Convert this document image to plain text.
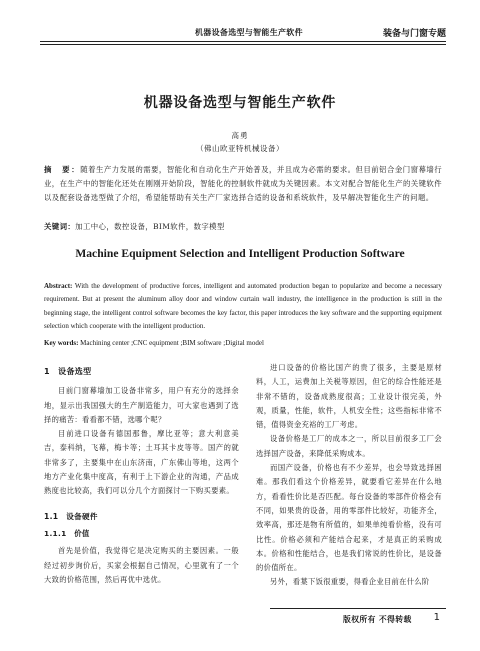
机器设备选型与智能生产软件	装备与门窗专题
机器设备选型与智能生产软件
高勇
（佛山欧亚特机械设备）
摘　要：随着生产力发展的需要，智能化和自动化生产开始普及，并且成为必需的要求。但目前铝合金门窗幕墙行业，在生产中的智能化还处在刚刚开始阶段，智能化的控制软件就成为关键因素。本文对配合智能化生产的关键软件以及配套设备选型做了介绍，希望能帮助有关生产厂家选择合适的设备和系统软件，及早解决智能化生产的问题。
关键词：加工中心，数控设备，BIM软件，数字模型
Machine Equipment Selection and Intelligent Production Software
Abstract: With the development of productive forces, intelligent and automated production began to popularize and become a necessary requirement. But at present the aluminum alloy door and window curtain wall industry, the intelligence in the production is still in the beginning stage, the intelligent control software becomes the key factor, this paper introduces the key software and the supporting equipment selection which cooperate with the intelligent production.
Key words: Machining center ;CNC equipment ;BIM software ;Digital model
1　设备选型

目前门窗幕墙加工设备非常多，用户有充分的选择余地，显示出我国强大的生产制造能力，可大家也遇到了选择的痛苦：看看都不错，选哪个呢？

目前进口设备有德国那鲁，摩比亚等；意大利意美吉，泰科纳，飞幕，梅卡等；土耳其卡皮等等。国产的就非常多了，主要集中在山东济南，广东佛山等地，这两个地方产业化集中度高，有利于上下游企业的沟通，产品成熟度也比较高，我们可以分几个方面探讨一下购买要素。

1.1　设备硬件
1.1.1　价值

首先是价值，我觉得它是决定购买的主要因素。一般经过初步询价后，买家会根据自己情况，心里就有了一个大致的价格范围，然后再优中选优。

进口设备的价格比国产的贵了很多，主要是原材料，人工，运费加上关税等原因，但它的综合性能还是非常不错的，设备成熟度很高；工业设计很完美，外观，质量，性能，软件，人机安全性；这些指标非常不错，值得资金充裕的工厂考虑。

设备价格是工厂的成本之一，所以目前很多工厂会选择国产设备，来降低采购成本。

而国产设备，价格也有不少差异，也会导致选择困难。那我们看这个价格差异，就要看它差异在什么地方，看看性价比是否匹配。每台设备的零部件价格会有不同，如果贵的设备，用的零部件比较好，功能齐全，效率高，那还是物有所值的，如果单纯看价格，没有可比性。价格必须和产能结合起来，才是真正的采购成本。价格和性能结合，也是我们常说的性价比，是设备的价值所在。

另外，看葉下饭很重要，得看企业目前在什么阶

版权所有 不得转载 1
